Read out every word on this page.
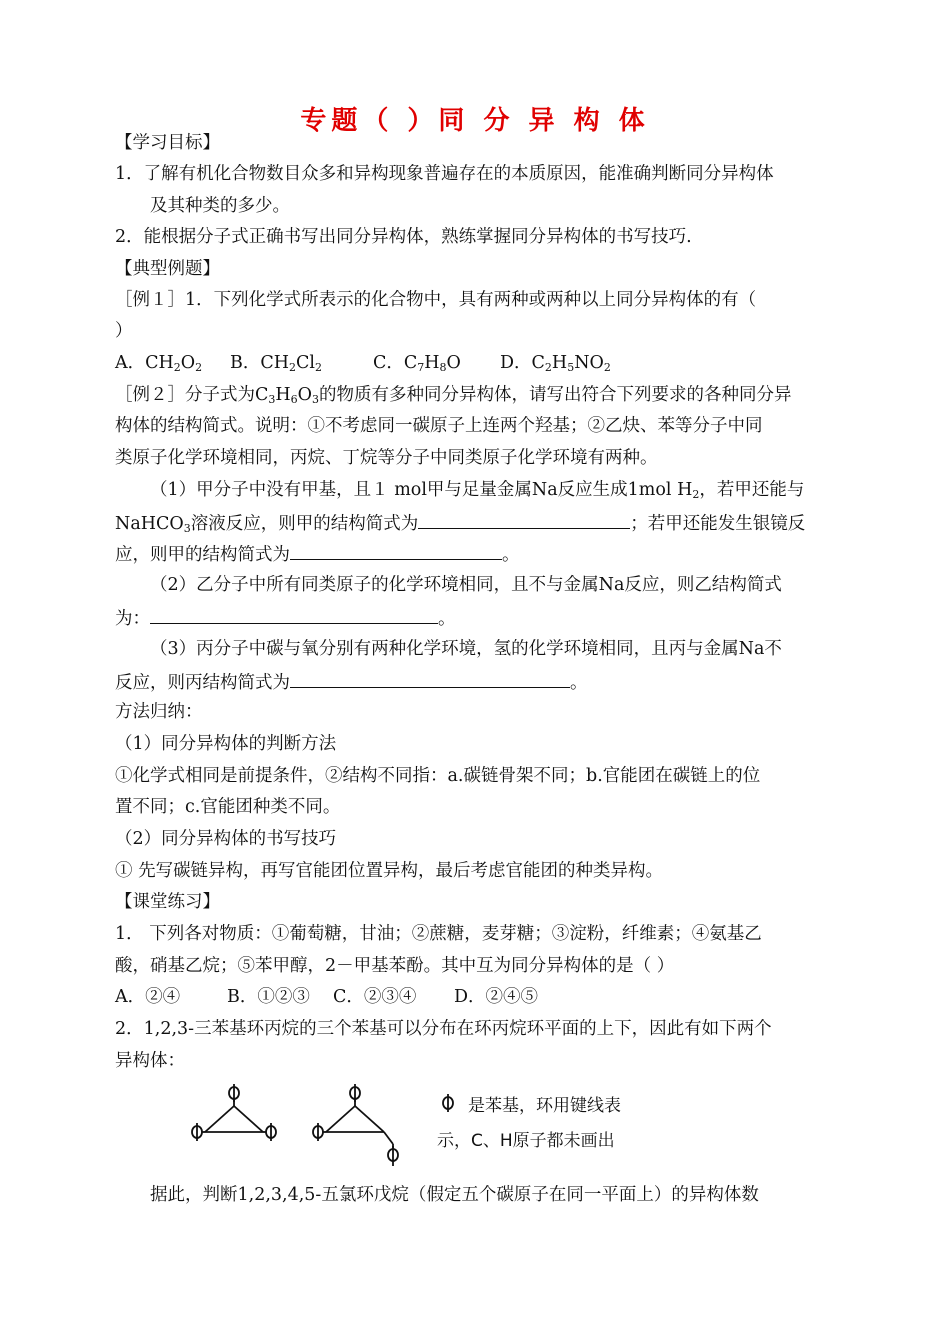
专题（ ）同 分 异 构 体
【学习目标】
1．了解有机化合物数目众多和异构现象普遍存在的本质原因，能准确判断同分异构体
及其种类的多少。
2．能根据分子式正确书写出同分异构体，熟练掌握同分异构体的书写技巧.
【典型例题】
［例１］1．下列化学式所表示的化合物中，具有两种或两种以上同分异构体的有（
）
A．$CH_2O_2$ B．$CH_2Cl_2$	C．$C_7H_8O$ D．$C_2H_5NO_2$
［例２］分子式为$C_3H_6O_3$的物质有多种同分异构体，请写出符合下列要求的各种同分异
构体的结构简式。说明：①不考虑同一碳原子上连两个羟基；②乙炔、苯等分子中同
类原子化学环境相同，丙烷、丁烷等分子中同类原子化学环境有两种。
（1）甲分子中没有甲基，且１ mol甲与足量金属Na反应生成1mol $H_2$，若甲还能与
NaHCO$_3$溶液反应，则甲的结构简式为	；若甲还能发生银镜反
应，则甲的结构简式为	。
（2）乙分子中所有同类原子的化学环境相同，且不与金属Na反应，则乙结构简式
为：	。
（3）丙分子中碳与氧分别有两种化学环境，氢的化学环境相同，且丙与金属Na不
反应，则丙结构简式为	。
方法归纳：
（1）同分异构体的判断方法
①化学式相同是前提条件，②结构不同指：a.碳链骨架不同；b.官能团在碳链上的位
置不同；c.官能团种类不同。
（2）同分异构体的书写技巧
① 先写碳链异构，再写官能团位置异构，最后考虑官能团的种类异构。
【课堂练习】
1． 下列各对物质：①葡萄糖，甘油；②蔗糖，麦芽糖；③淀粉，纤维素；④氨基乙
酸，硝基乙烷；⑤苯甲醇，2－甲基苯酚。其中互为同分异构体的是（ ）
A．②④	B．①②③ C．②③④ D．②④⑤
2．1,2,3-三苯基环丙烷的三个苯基可以分布在环丙烷环平面的上下，因此有如下两个
异构体：
是苯基，环用键线表
示，C、H原子都未画出
据此，判断1,2,3,4,5-五氯环戊烷（假定五个碳原子在同一平面上）的异构体数
